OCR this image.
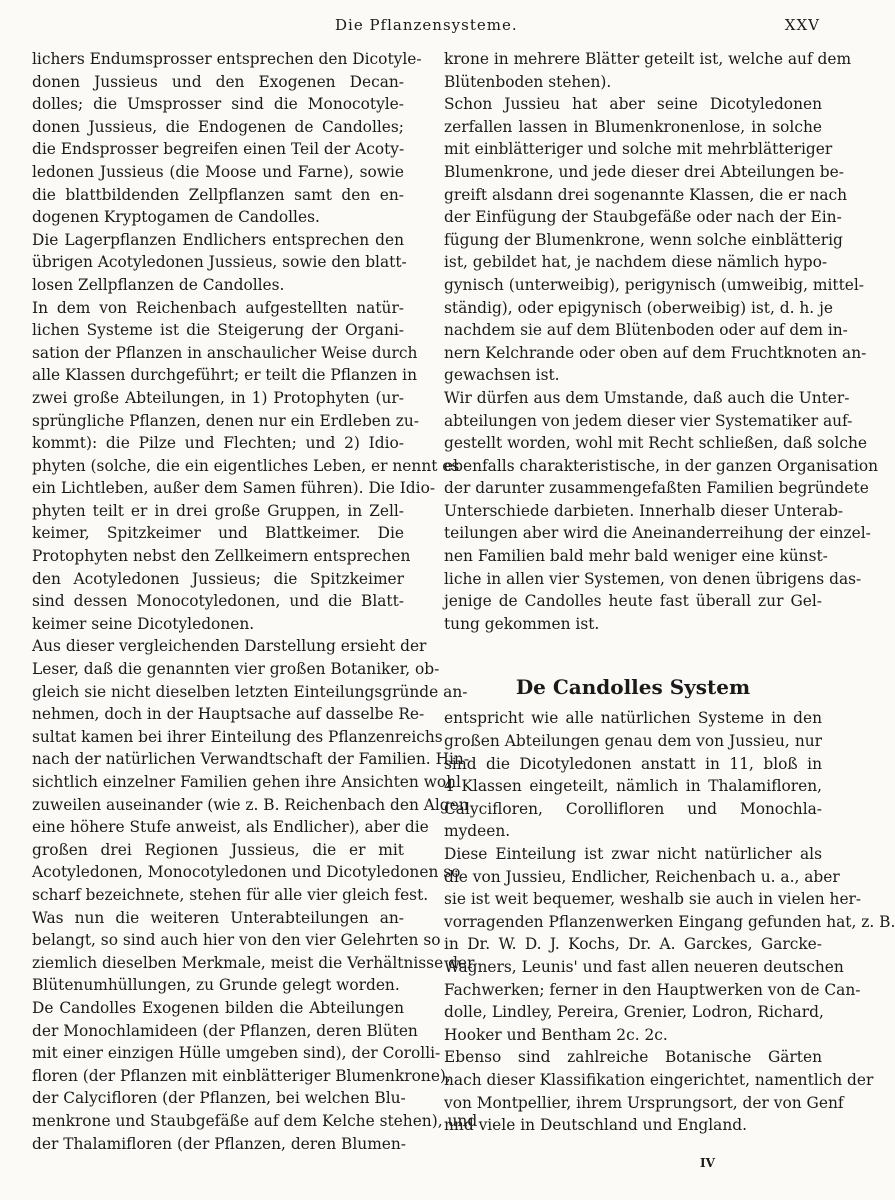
Die Pflanzensysteme.	XXV
lichers Endumsprosser entsprechen den Dicotyle-
donen Jussieus und den Exogenen Decan-
dolles; die Umsprosser sind die Monocotyle-
donen Jussieus, die Endogenen de Candolles;
die Endsprosser begreifen einen Teil der Acoty-
ledonen Jussieus (die Moose und Farne), sowie
die blattbildenden Zellpflanzen samt den en-
dogenen Kryptogamen de Candolles.
Die Lagerpflanzen Endlichers entsprechen den
übrigen Acotyledonen Jussieus, sowie den blatt-
losen Zellpflanzen de Candolles.
In dem von Reichenbach aufgestellten natür-
lichen Systeme ist die Steigerung der Organi-
sation der Pflanzen in anschaulicher Weise durch
alle Klassen durchgeführt; er teilt die Pflanzen in
zwei große Abteilungen, in 1) Protophyten (ur-
sprüngliche Pflanzen, denen nur ein Erdleben zu-
kommt): die Pilze und Flechten; und 2) Idio-
phyten (solche, die ein eigentliches Leben, er nennt es
ein Lichtleben, außer dem Samen führen). Die Idio-
phyten teilt er in drei große Gruppen, in Zell-
keimer, Spitzkeimer und Blattkeimer. Die
Protophyten nebst den Zellkeimern entsprechen
den Acotyledonen Jussieus; die Spitzkeimer
sind dessen Monocotyledonen, und die Blatt-
keimer seine Dicotyledonen.
Aus dieser vergleichenden Darstellung ersieht der
Leser, daß die genannten vier großen Botaniker, ob-
gleich sie nicht dieselben letzten Einteilungsgründe an-
nehmen, doch in der Hauptsache auf dasselbe Re-
sultat kamen bei ihrer Einteilung des Pflanzenreichs
nach der natürlichen Verwandtschaft der Familien. Hin-
sichtlich einzelner Familien gehen ihre Ansichten wohl
zuweilen auseinander (wie z. B. Reichenbach den Algen
eine höhere Stufe anweist, als Endlicher), aber die
großen drei Regionen Jussieus, die er mit
Acotyledonen, Monocotyledonen und Dicotyledonen so
scharf bezeichnete, stehen für alle vier gleich fest.
Was nun die weiteren Unterabteilungen an-
belangt, so sind auch hier von den vier Gelehrten so
ziemlich dieselben Merkmale, meist die Verhältnisse der
Blütenumhüllungen, zu Grunde gelegt worden.
De Candolles Exogenen bilden die Abteilungen
der Monochlamideen (der Pflanzen, deren Blüten
mit einer einzigen Hülle umgeben sind), der Corolli-
floren (der Pflanzen mit einblätteriger Blumenkrone),
der Calycifloren (der Pflanzen, bei welchen Blu-
menkrone und Staubgefäße auf dem Kelche stehen), und
der Thalamifloren (der Pflanzen, deren Blumen-
krone in mehrere Blätter geteilt ist, welche auf dem
Blütenboden stehen).
Schon Jussieu hat aber seine Dicotyledonen
zerfallen lassen in Blumenkronenlose, in solche
mit einblätteriger und solche mit mehrblätteriger
Blumenkrone, und jede dieser drei Abteilungen be-
greift alsdann drei sogenannte Klassen, die er nach
der Einfügung der Staubgefäße oder nach der Ein-
fügung der Blumenkrone, wenn solche einblätterig
ist, gebildet hat, je nachdem diese nämlich hypo-
gynisch (unterweibig), perigynisch (umweibig, mittel-
ständig), oder epigynisch (oberweibig) ist, d. h. je
nachdem sie auf dem Blütenboden oder auf dem in-
nern Kelchrande oder oben auf dem Fruchtknoten an-
gewachsen ist.
Wir dürfen aus dem Umstande, daß auch die Unter-
abteilungen von jedem dieser vier Systematiker auf-
gestellt worden, wohl mit Recht schließen, daß solche
ebenfalls charakteristische, in der ganzen Organisation
der darunter zusammengefaßten Familien begründete
Unterschiede darbieten. Innerhalb dieser Unterab-
teilungen aber wird die Aneinanderreihung der einzel-
nen Familien bald mehr bald weniger eine künst-
liche in allen vier Systemen, von denen übrigens das-
jenige de Candolles heute fast überall zur Gel-
tung gekommen ist.
De Candolles System
entspricht wie alle natürlichen Systeme in den
großen Abteilungen genau dem von Jussieu, nur
sind die Dicotyledonen anstatt in 11, bloß in
4 Klassen eingeteilt, nämlich in Thalamifloren,
Calycifloren, Corollifloren und Monochla-
mydeen.
Diese Einteilung ist zwar nicht natürlicher als
die von Jussieu, Endlicher, Reichenbach u. a., aber
sie ist weit bequemer, weshalb sie auch in vielen her-
vorragenden Pflanzenwerken Eingang gefunden hat, z. B.
in Dr. W. D. J. Kochs, Dr. A. Garckes, Garcke-
Wagners, Leunis' und fast allen neueren deutschen
Fachwerken; ferner in den Hauptwerken von de Can-
dolle, Lindley, Pereira, Grenier, Lodron, Richard,
Hooker und Bentham 2c. 2c.
Ebenso sind zahlreiche Botanische Gärten
nach dieser Klassifikation eingerichtet, namentlich der
von Montpellier, ihrem Ursprungsort, der von Genf
nnd viele in Deutschland und England.
IV
